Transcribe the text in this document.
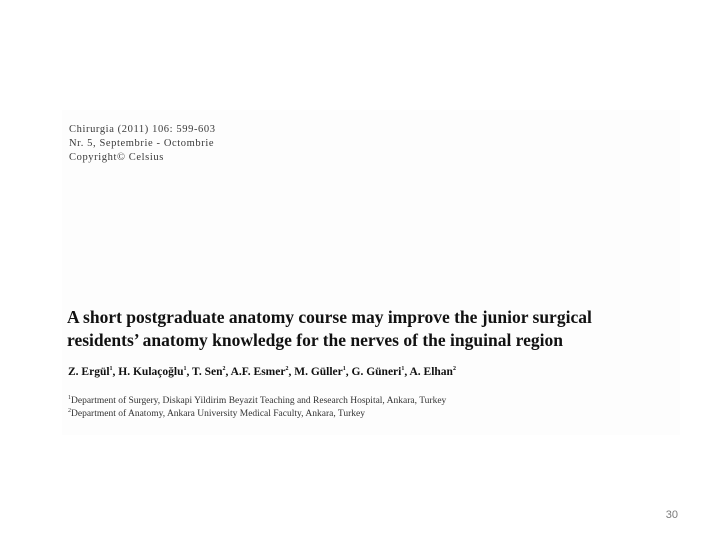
Chirurgia (2011) 106: 599-603
Nr. 5, Septembrie - Octombrie
Copyright© Celsius
A short postgraduate anatomy course may improve the junior surgical
residents’ anatomy knowledge for the nerves of the inguinal region
Z. Ergül$^1$, H. Kulaçoğlu$^1$, T. Sen$^2$, A.F. Esmer$^2$, M. Güller$^1$, G. Güneri$^1$, A. Elhan$^2$
$^1$Department of Surgery, Diskapi Yildirim Beyazit Teaching and Research Hospital, Ankara, Turkey
$^2$Department of Anatomy, Ankara University Medical Faculty, Ankara, Turkey
30
